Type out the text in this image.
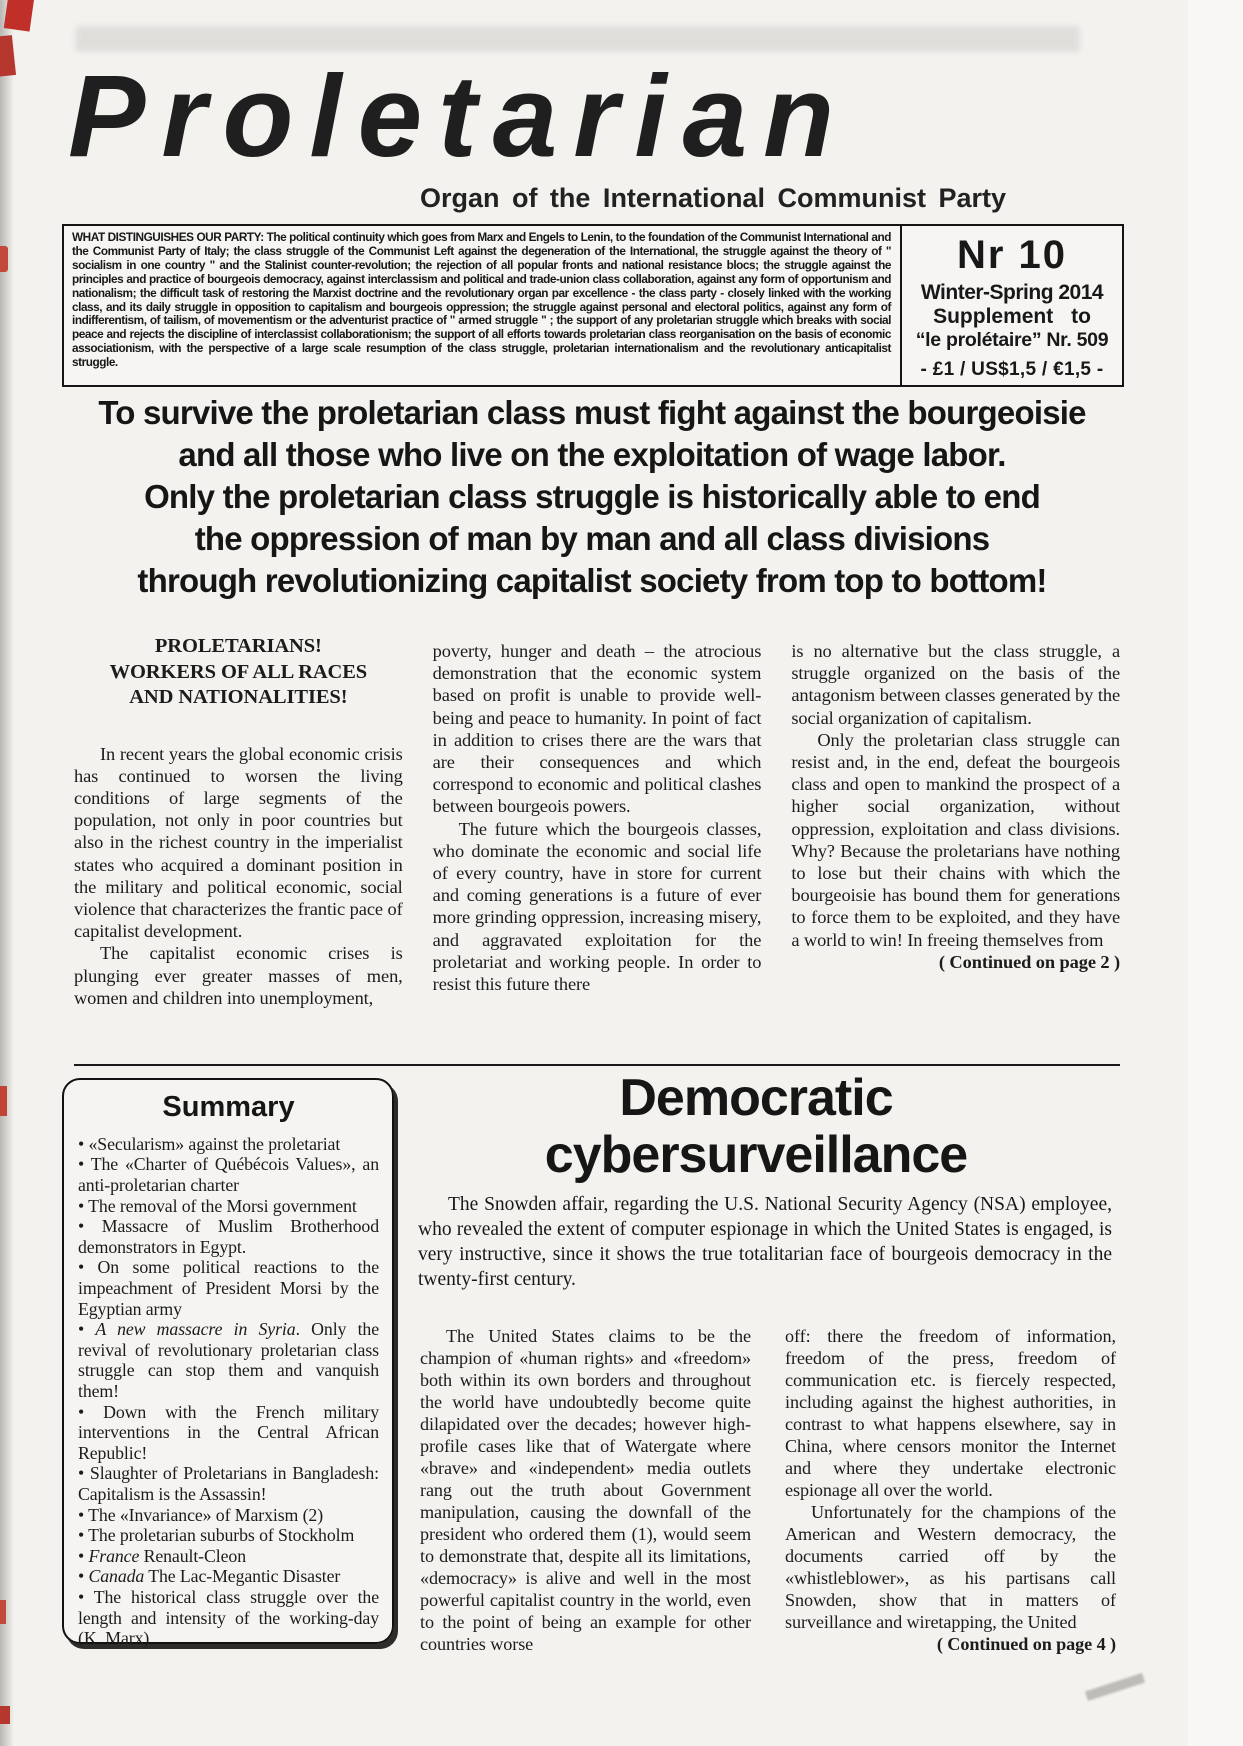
Proletarian
Organ of the International Communist Party
WHAT DISTINGUISHES OUR PARTY: The political continuity which goes from Marx and Engels to Lenin, to the foundation of the Communist International and the Communist Party of Italy; the class struggle of the Communist Left against the degeneration of the International, the struggle against the theory of " socialism in one country " and the Stalinist counter-revolution; the rejection of all popular fronts and national resistance blocs; the struggle against the principles and practice of bourgeois democracy, against interclassism and political and trade-union class collaboration, against any form of opportunism and nationalism; the difficult task of restoring the Marxist doctrine and the revolutionary organ par excellence - the class party - closely linked with the working class, and its daily struggle in opposition to capitalism and bourgeois oppression; the struggle against personal and electoral politics, against any form of indifferentism, of tailism, of movementism or the adventurist practice of " armed struggle " ; the support of any proletarian struggle which breaks with social peace and rejects the discipline of interclassist collaborationism; the support of all efforts towards proletarian class reorganisation on the basis of economic associationism, with the perspective of a large scale resumption of the class struggle, proletarian internationalism and the revolutionary anticapitalist struggle.
Nr 10
Winter-Spring 2014
Supplement to
“le prolétaire” Nr. 509
- £1 / US$1,5 / €1,5 -
To survive the proletarian class must fight against the bourgeoisie
and all those who live on the exploitation of wage labor.
Only the proletarian class struggle is historically able to end
the oppression of man by man and all class divisions
through revolutionizing capitalist society from top to bottom!
PROLETARIANS!
WORKERS OF ALL RACES
AND NATIONALITIES!

In recent years the global economic crisis has continued to worsen the living conditions of large segments of the population, not only in poor countries but also in the richest country in the imperialist states who acquired a dominant position in the military and political economic, social violence that characterizes the frantic pace of capitalist development.

The capitalist economic crises is plunging ever greater masses of men, women and children into unemployment,

poverty, hunger and death – the atrocious demonstration that the economic system based on profit is unable to provide well-being and peace to humanity. In point of fact in addition to crises there are the wars that are their consequences and which correspond to economic and political clashes between bourgeois powers.

The future which the bourgeois classes, who dominate the economic and social life of every country, have in store for current and coming generations is a future of ever more grinding oppression, increasing misery, and aggravated exploitation for the proletariat and working people. In order to resist this future there

is no alternative but the class struggle, a struggle organized on the basis of the antagonism between classes generated by the social organization of capitalism.

Only the proletarian class struggle can resist and, in the end, defeat the bourgeois class and open to mankind the prospect of a higher social organization, without oppression, exploitation and class divisions. Why? Because the proletarians have nothing to lose but their chains with which the bourgeoisie has bound them for generations to force them to be exploited, and they have a world to win! In freeing themselves from

( Continued on page 2 )

Summary
• «Secularism» against the proletariat
• The «Charter of Québécois Values», an anti-proletarian charter
• The removal of the Morsi government
• Massacre of Muslim Brotherhood demonstrators in Egypt.
• On some political reactions to the impeachment of President Morsi by the Egyptian army
• A new massacre in Syria. Only the revival of revolutionary proletarian class struggle can stop them and vanquish them!
• Down with the French military interventions in the Central African Republic!
• Slaughter of Proletarians in Bangladesh: Capitalism is the Assassin!
• The «Invariance» of Marxism (2)
• The proletarian suburbs of Stockholm
• France Renault-Cleon
• Canada The Lac-Megantic Disaster
• The historical class struggle over the length and intensity of the working-day (K. Marx)
Democratic
cybersurveillance

The Snowden affair, regarding the U.S. National Security Agency (NSA) employee, who revealed the extent of computer espionage in which the United States is engaged, is very instructive, since it shows the true totalitarian face of bourgeois democracy in the twenty-first century.

The United States claims to be the champion of «human rights» and «freedom» both within its own borders and throughout the world have undoubtedly become quite dilapidated over the decades; however high-profile cases like that of Watergate where «brave» and «independent» media outlets rang out the truth about Government manipulation, causing the downfall of the president who ordered them (1), would seem to demonstrate that, despite all its limitations, «democracy» is alive and well in the most powerful capitalist country in the world, even to the point of being an example for other countries worse

off: there the freedom of information, freedom of the press, freedom of communication etc. is fiercely respected, including against the highest authorities, in contrast to what happens elsewhere, say in China, where censors monitor the Internet and where they undertake electronic espionage all over the world.

Unfortunately for the champions of the American and Western democracy, the documents carried off by the «whistleblower», as his partisans call Snowden, show that in matters of surveillance and wiretapping, the United

( Continued on page 4 )
